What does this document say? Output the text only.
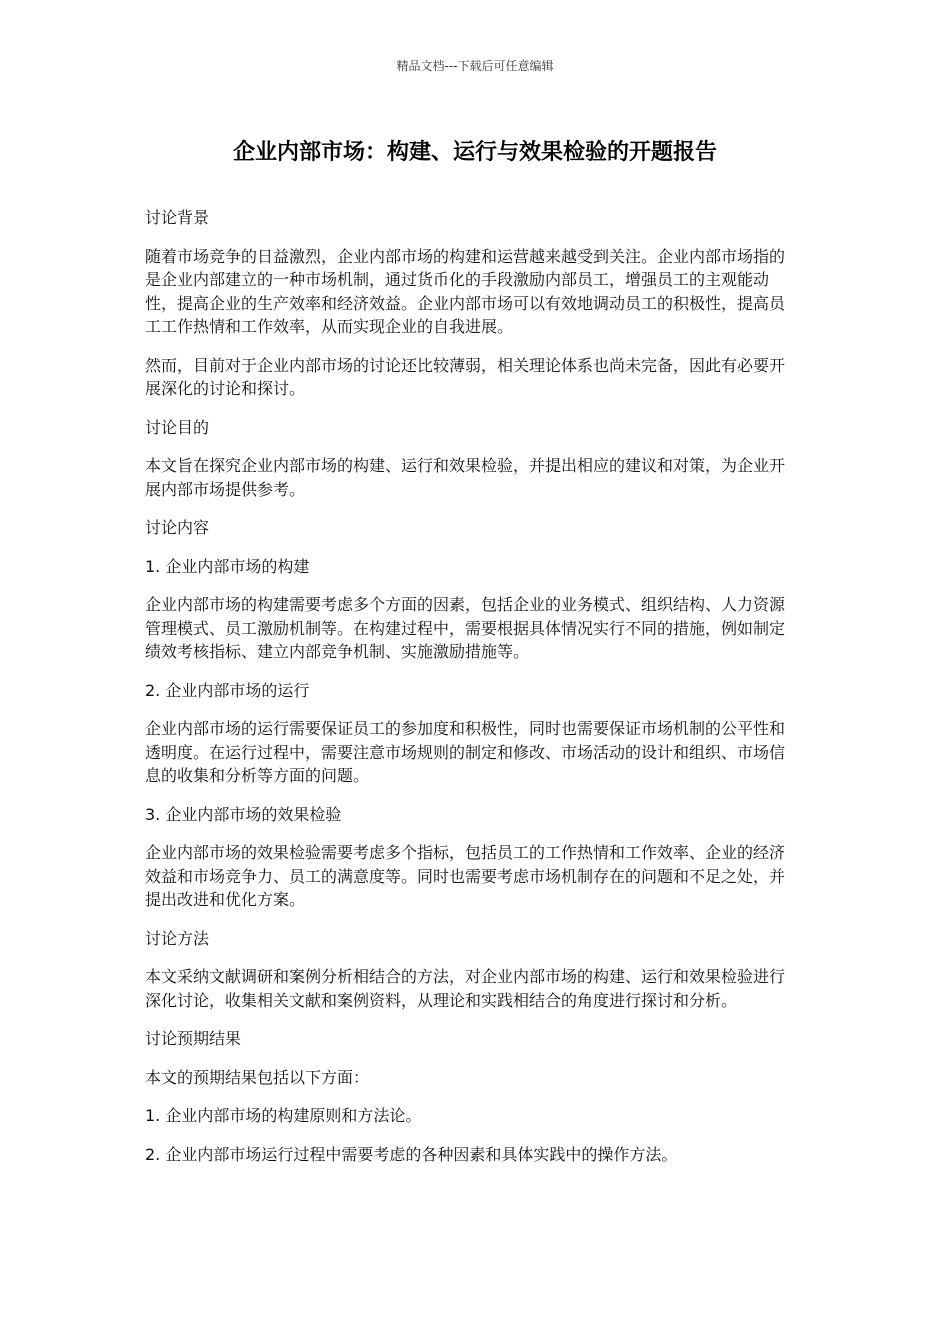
精品文档---下载后可任意编辑
企业内部市场：构建、运行与效果检验的开题报告

讨论背景

随着市场竞争的日益激烈，企业内部市场的构建和运营越来越受到关注。企业内部市场指的是企业内部建立的一种市场机制，通过货币化的手段激励内部员工，增强员工的主观能动性，提高企业的生产效率和经济效益。企业内部市场可以有效地调动员工的积极性，提高员工工作热情和工作效率，从而实现企业的自我进展。

然而，目前对于企业内部市场的讨论还比较薄弱，相关理论体系也尚未完备，因此有必要开展深化的讨论和探讨。

讨论目的

本文旨在探究企业内部市场的构建、运行和效果检验，并提出相应的建议和对策，为企业开展内部市场提供参考。

讨论内容

1. 企业内部市场的构建

企业内部市场的构建需要考虑多个方面的因素，包括企业的业务模式、组织结构、人力资源管理模式、员工激励机制等。在构建过程中，需要根据具体情况实行不同的措施，例如制定绩效考核指标、建立内部竞争机制、实施激励措施等。

2. 企业内部市场的运行

企业内部市场的运行需要保证员工的参加度和积极性，同时也需要保证市场机制的公平性和透明度。在运行过程中，需要注意市场规则的制定和修改、市场活动的设计和组织、市场信息的收集和分析等方面的问题。

3. 企业内部市场的效果检验

企业内部市场的效果检验需要考虑多个指标，包括员工的工作热情和工作效率、企业的经济效益和市场竞争力、员工的满意度等。同时也需要考虑市场机制存在的问题和不足之处，并提出改进和优化方案。

讨论方法

本文采纳文献调研和案例分析相结合的方法，对企业内部市场的构建、运行和效果检验进行深化讨论，收集相关文献和案例资料，从理论和实践相结合的角度进行探讨和分析。

讨论预期结果

本文的预期结果包括以下方面：

1. 企业内部市场的构建原则和方法论。

2. 企业内部市场运行过程中需要考虑的各种因素和具体实践中的操作方法。
